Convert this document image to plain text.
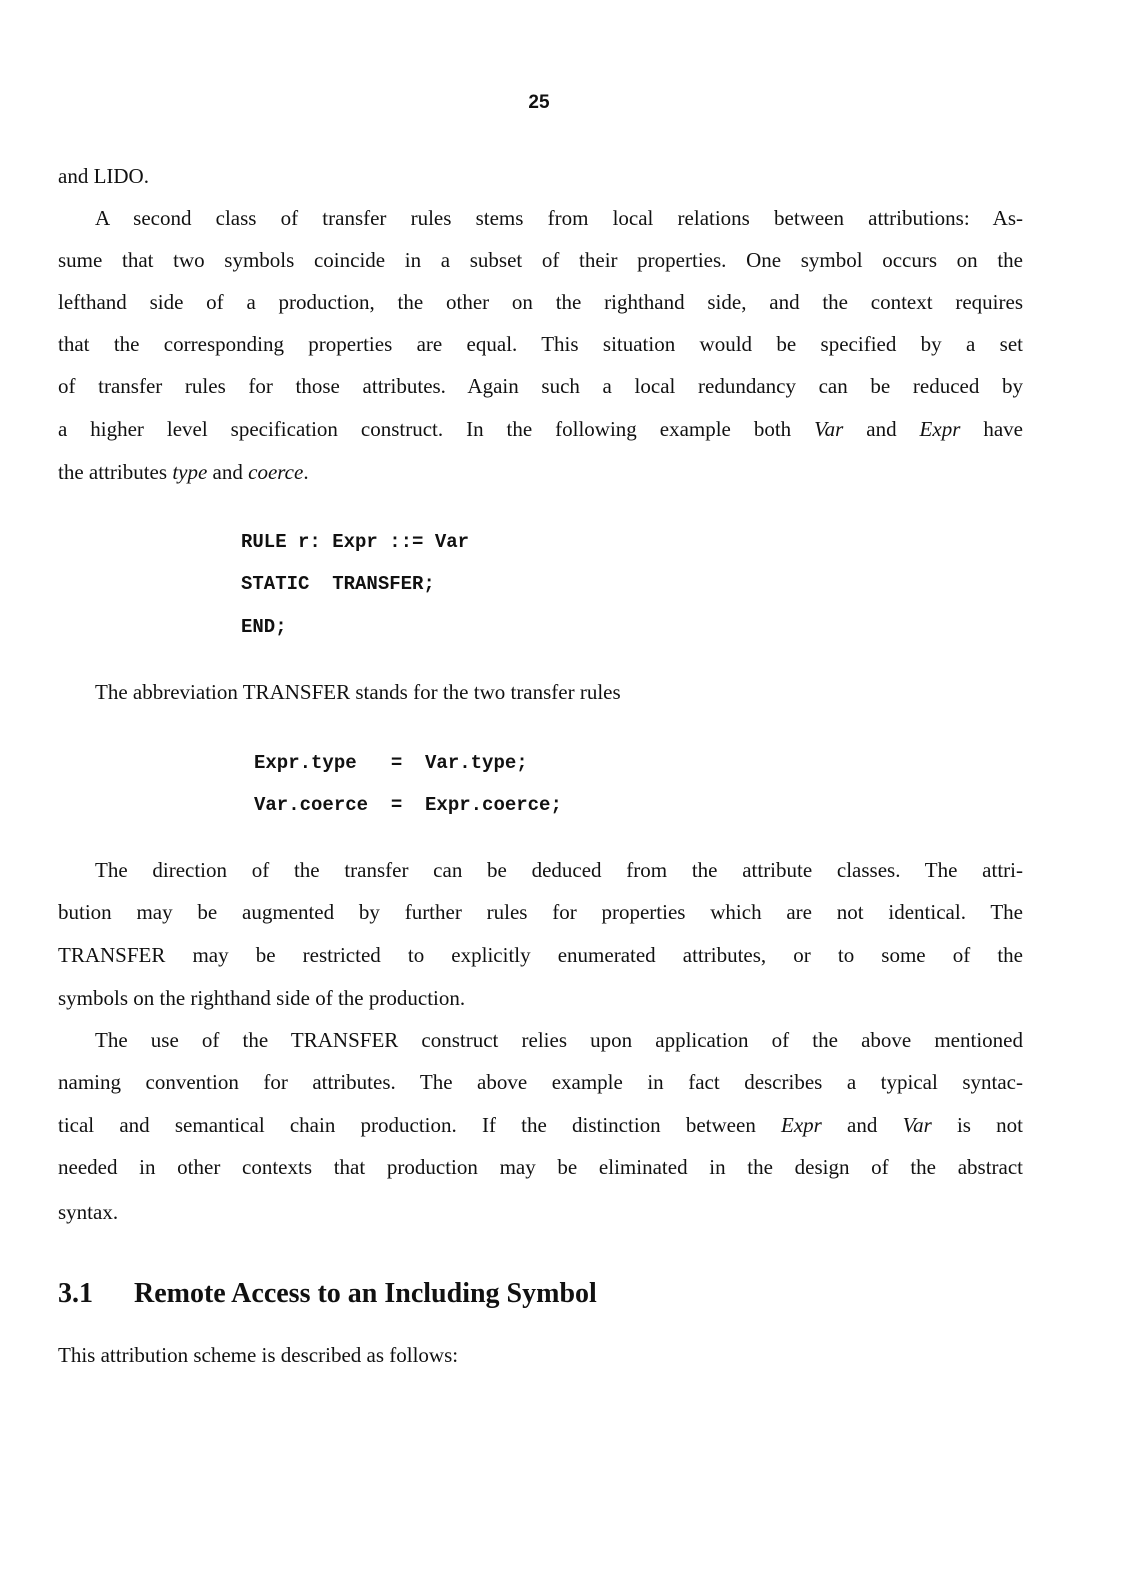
25
and LIDO.
A second class of transfer rules stems from local relations between attributions: As-
sume that two symbols coincide in a subset of their properties. One symbol occurs on the
lefthand side of a production, the other on the righthand side, and the context requires
that the corresponding properties are equal. This situation would be specified by a set
of transfer rules for those attributes. Again such a local redundancy can be reduced by
a higher level specification construct. In the following example both Var and Expr have
the attributes type and coerce.
RULE r: Expr ::= Var
STATIC  TRANSFER;
END;
The abbreviation TRANSFER stands for the two transfer rules
Expr.type   =  Var.type;
Var.coerce  =  Expr.coerce;
The direction of the transfer can be deduced from the attribute classes. The attri-
bution may be augmented by further rules for properties which are not identical. The
TRANSFER may be restricted to explicitly enumerated attributes, or to some of the
symbols on the righthand side of the production.
The use of the TRANSFER construct relies upon application of the above mentioned
naming convention for attributes. The above example in fact describes a typical syntac-
tical and semantical chain production. If the distinction between Expr and Var is not
needed in other contexts that production may be eliminated in the design of the abstract
syntax.
3.1 Remote Access to an Including Symbol
This attribution scheme is described as follows:
